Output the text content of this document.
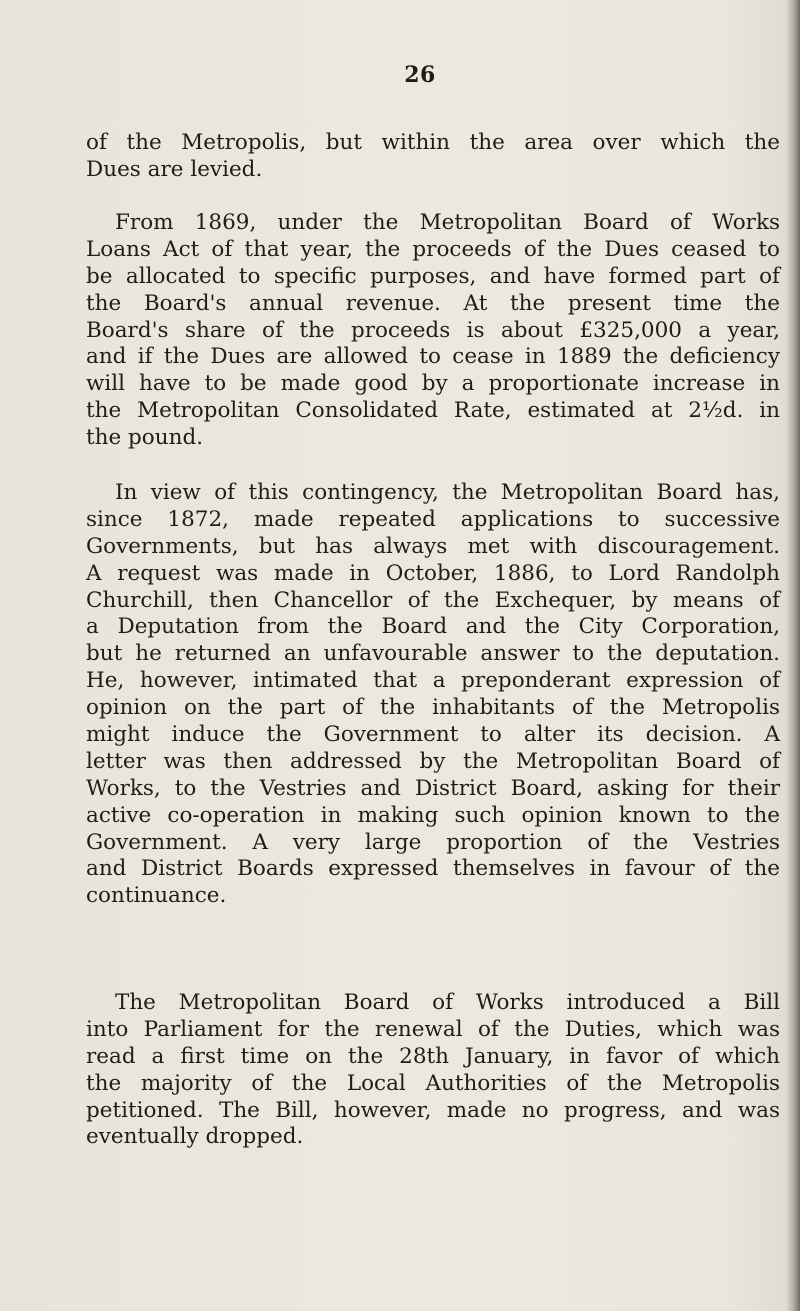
26
of the Metropolis, but within the area over which the
Dues are levied.
From 1869, under the Metropolitan Board of Works
Loans Act of that year, the proceeds of the Dues ceased to
be allocated to specific purposes, and have formed part of
the Board's annual revenue. At the present time the
Board's share of the proceeds is about £325,000 a year,
and if the Dues are allowed to cease in 1889 the deficiency
will have to be made good by a proportionate increase in
the Metropolitan Consolidated Rate, estimated at 2½d. in
the pound.
In view of this contingency, the Metropolitan Board has,
since 1872, made repeated applications to successive
Governments, but has always met with discouragement.
A request was made in October, 1886, to Lord Randolph
Churchill, then Chancellor of the Exchequer, by means of
a Deputation from the Board and the City Corporation,
but he returned an unfavourable answer to the deputation.
He, however, intimated that a preponderant expression of
opinion on the part of the inhabitants of the Metropolis
might induce the Government to alter its decision. A
letter was then addressed by the Metropolitan Board of
Works, to the Vestries and District Board, asking for their
active co-operation in making such opinion known to the
Government. A very large proportion of the Vestries
and District Boards expressed themselves in favour of the
continuance.
The Metropolitan Board of Works introduced a Bill
into Parliament for the renewal of the Duties, which was
read a first time on the 28th January, in favor of which
the majority of the Local Authorities of the Metropolis
petitioned. The Bill, however, made no progress, and was
eventually dropped.
